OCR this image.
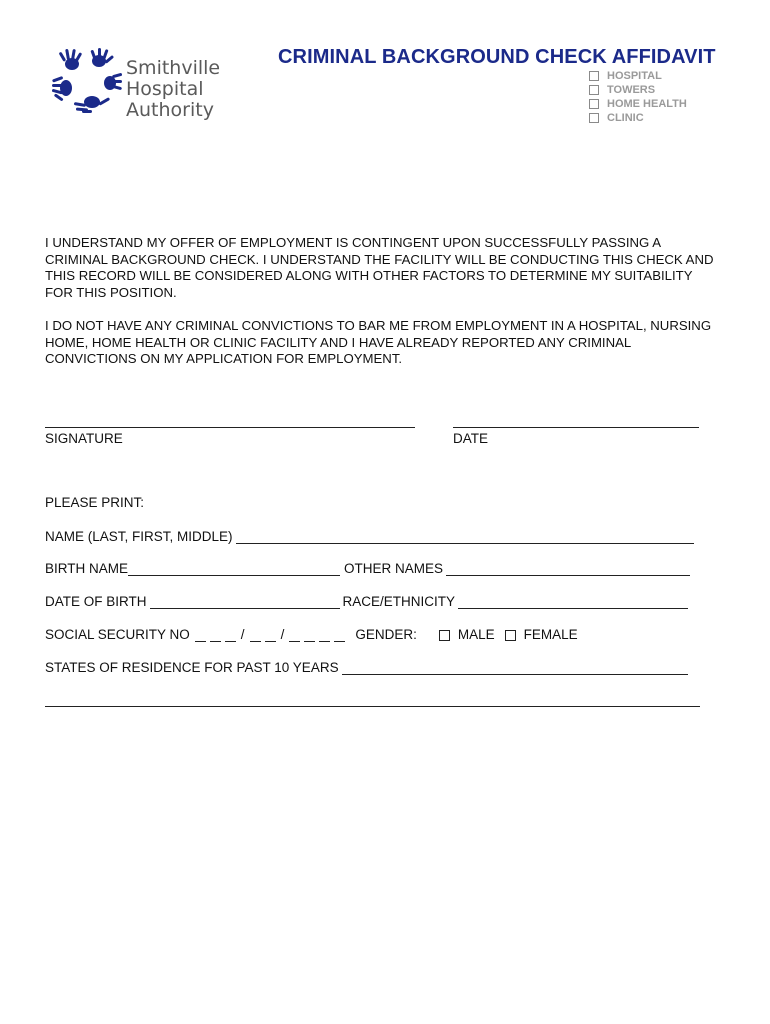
Smithville
Hospital Authority
CRIMINAL BACKGROUND CHECK AFFIDAVIT
HOSPITAL
TOWERS
HOME HEALTH
CLINIC
I UNDERSTAND MY OFFER OF EMPLOYMENT IS CONTINGENT UPON SUCCESSFULLY PASSING A CRIMINAL BACKGROUND CHECK. I UNDERSTAND THE FACILITY WILL BE CONDUCTING THIS CHECK AND THIS RECORD WILL BE CONSIDERED ALONG WITH OTHER FACTORS TO DETERMINE MY SUITABILITY FOR THIS POSITION.
I DO NOT HAVE ANY CRIMINAL CONVICTIONS TO BAR ME FROM EMPLOYMENT IN A HOSPITAL, NURSING HOME, HOME HEALTH OR CLINIC FACILITY AND I HAVE ALREADY REPORTED ANY CRIMINAL CONVICTIONS ON MY APPLICATION FOR EMPLOYMENT.
SIGNATURE	DATE
PLEASE PRINT:
NAME (LAST, FIRST, MIDDLE)
BIRTH NAME	OTHER NAMES
DATE OF BIRTH	RACE/ETHNICITY
SOCIAL SECURITY NO	/	/	GENDER:	MALE FEMALE
STATES OF RESIDENCE FOR PAST 10 YEARS
